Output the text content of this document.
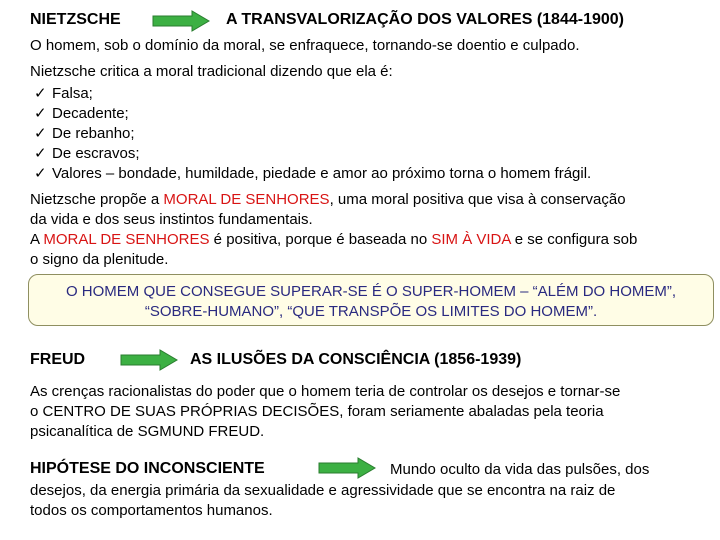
NIETZSCHE	A TRANSVALORIZAÇÃO DOS VALORES (1844-1900)
O homem, sob o domínio da moral, se enfraquece, tornando-se doentio e culpado.
Nietzsche critica a moral tradicional dizendo que ela é:
✓ Falsa;
✓ Decadente;
✓ De rebanho;
✓ De escravos;
✓ Valores – bondade, humildade, piedade e amor ao próximo torna o homem frágil.
Nietzsche propõe a MORAL DE SENHORES, uma moral positiva que visa à conservação
da vida e dos seus instintos fundamentais.
A MORAL DE SENHORES é positiva, porque é baseada no SIM À VIDA e se configura sob
o signo da plenitude.
O HOMEM QUE CONSEGUE SUPERAR-SE É O SUPER-HOMEM – “ALÉM DO HOMEM”,
“SOBRE-HUMANO”, “QUE TRANSPÕE OS LIMITES DO HOMEM”.
FREUD	AS ILUSÕES DA CONSCIÊNCIA (1856-1939)
As crenças racionalistas do poder que o homem teria de controlar os desejos e tornar-se
o CENTRO DE SUAS PRÓPRIAS DECISÕES, foram seriamente abaladas pela teoria
psicanalítica de SGMUND FREUD.
HIPÓTESE DO INCONSCIENTE	Mundo oculto da vida das pulsões, dos
desejos, da energia primária da sexualidade e agressividade que se encontra na raiz de
todos os comportamentos humanos.
